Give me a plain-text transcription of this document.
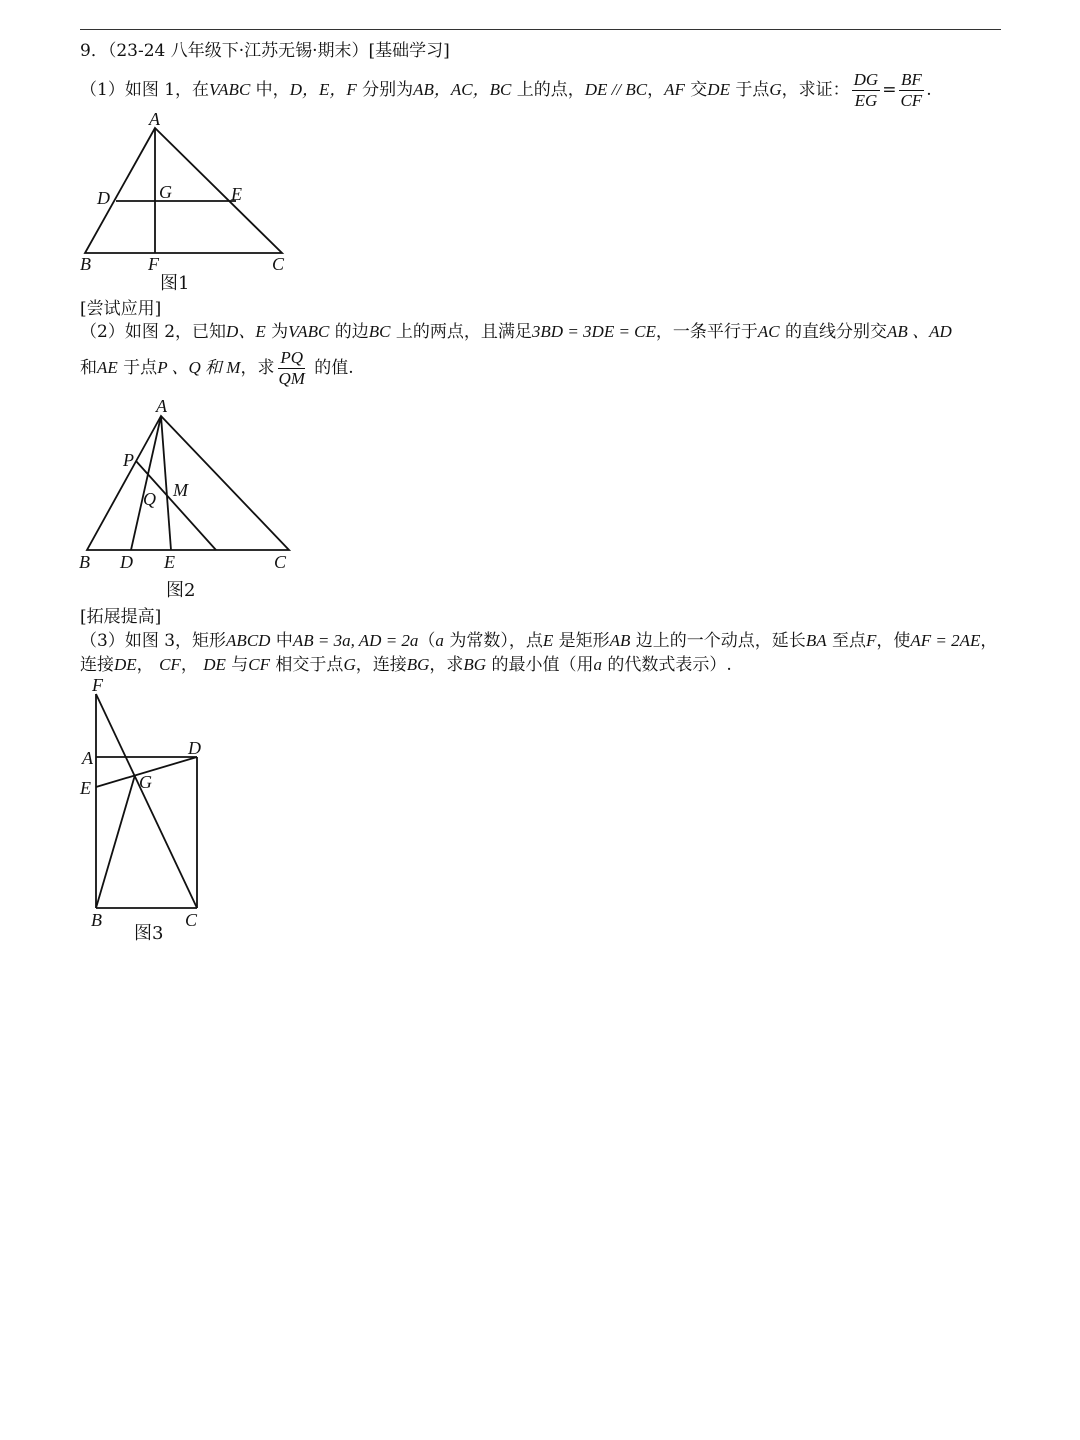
9．（23-24 八年级下·江苏无锡·期末）[基础学习]
（1）如图 1，在VABC 中，D，E，F 分别为AB，AC，BC 上的点，DE // BC，AF 交DE 于点G，求证： $\frac{DG}{EG} = \frac{BF}{CF}$ .
A
B	C
D	E
F
G
图1
[尝试应用]
（2）如图 2，已知D、E 为VABC 的边BC 上的两点，且满足3BD = 3DE = CE，一条平行于AC 的直线分别交AB 、AD
和AE 于点P 、Q 和 M，求 $\frac{PQ}{QM}$ 的值.
A
B	C
D E
P
Q M
图2
[拓展提高]
（3）如图 3，矩形ABCD 中AB = 3a, AD = 2a（a 为常数），点E 是矩形AB 边上的一个动点，延长BA 至点F，使AF = 2AE，
连接DE， CF， DE 与CF 相交于点G，连接BG，求BG 的最小值（用a 的代数式表示）.
F
A	D
E	G
B	C
图3
